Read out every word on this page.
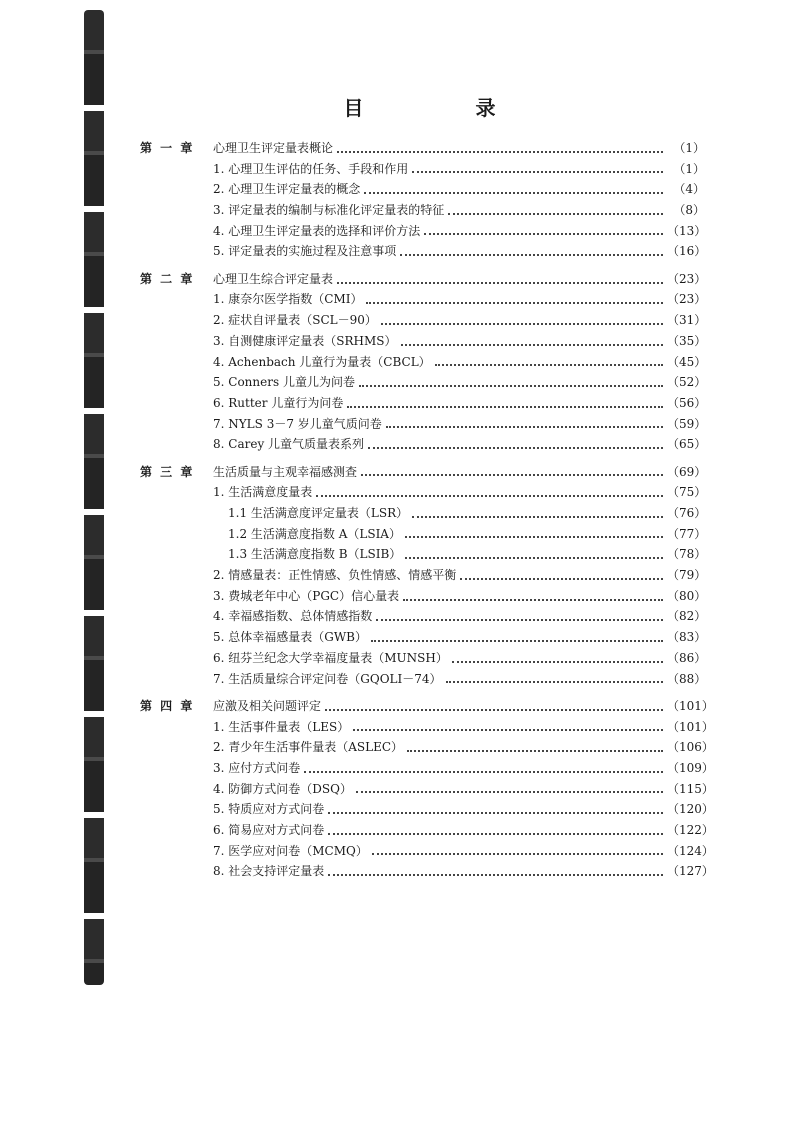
目　录
第 一 章	心理卫生评定量表概论	（1）
1. 心理卫生评估的任务、手段和作用	（1）
2. 心理卫生评定量表的概念	（4）
3. 评定量表的编制与标准化评定量表的特征	（8）
4. 心理卫生评定量表的选择和评价方法	（13）
5. 评定量表的实施过程及注意事项	（16）
第 二 章	心理卫生综合评定量表	（23）
1. 康奈尔医学指数（CMI）	（23）
2. 症状自评量表（SCL－90）	（31）
3. 自测健康评定量表（SRHMS）	（35）
4. Achenbach 儿童行为量表（CBCL）	（45）
5. Conners 儿童儿为问卷	（52）
6. Rutter 儿童行为问卷	（56）
7. NYLS 3－7 岁儿童气质问卷	（59）
8. Carey 儿童气质量表系列	（65）
第 三 章	生活质量与主观幸福感测查	（69）
1. 生活满意度量表	（75）
1.1 生活满意度评定量表（LSR）	（76）
1.2 生活满意度指数 A（LSIA）	（77）
1.3 生活满意度指数 B（LSIB）	（78）
2. 情感量表：正性情感、负性情感、情感平衡	（79）
3. 费城老年中心（PGC）信心量表	（80）
4. 幸福感指数、总体情感指数	（82）
5. 总体幸福感量表（GWB）	（83）
6. 纽芬兰纪念大学幸福度量表（MUNSH）	（86）
7. 生活质量综合评定问卷（GQOLI－74）	（88）
第 四 章	应激及相关问题评定	（101）
1. 生活事件量表（LES）	（101）
2. 青少年生活事件量表（ASLEC）	（106）
3. 应付方式问卷	（109）
4. 防御方式问卷（DSQ）	（115）
5. 特质应对方式问卷	（120）
6. 简易应对方式问卷	（122）
7. 医学应对问卷（MCMQ）	（124）
8. 社会支持评定量表	（127）
